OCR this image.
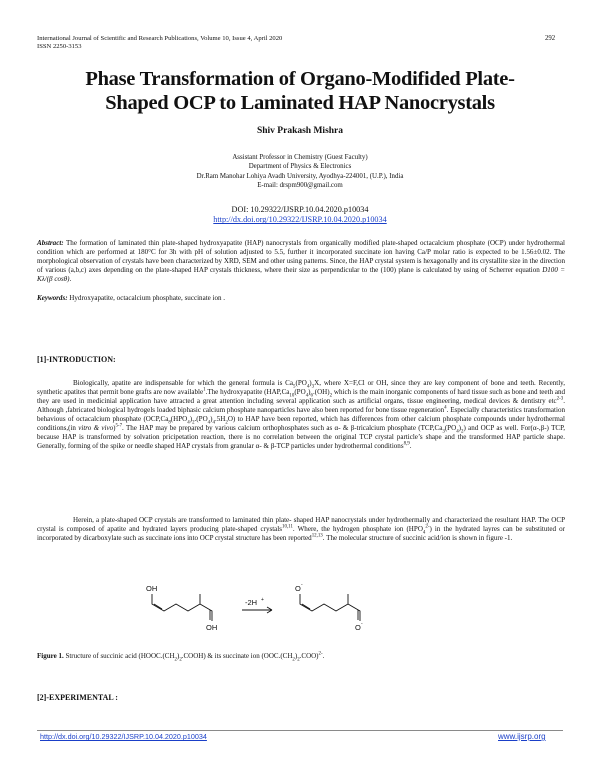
International Journal of Scientific and Research Publications, Volume 10, Issue 4, April 2020
ISSN 2250-3153
292
Phase Transformation of Organo-Modifided Plate-
Shaped OCP to Laminated HAP Nanocrystals
Shiv Prakash Mishra
Assistant Professor in Chemistry (Guest Faculty)
Department of Physics & Electronics
Dr.Ram Manohar Lohiya Avadh University, Ayodhya-224001, (U.P.), India
E-mail: drspm900@gmail.com
DOI: 10.29322/IJSRP.10.04.2020.p10034
http://dx.doi.org/10.29322/IJSRP.10.04.2020.p10034
Abstract: The formation of laminated thin plate-shaped hydroxyapatite (HAP) nanocrystals from organically modified plate-shaped octacalcium phosphate (OCP) under hydrothermal condition which are performed at 180°C for 3h with pH of solution adjusted to 5.5, further it incorporated succinate ion having Ca/P molar ratio is expected to be 1.56±0.02. The morphological observation of crystals have been characterized by XRD, SEM and other using patterns. Since, the HAP crystal system is hexagonally and its crystallite size in the direction of various (a,b,c) axes depending on the plate-shaped HAP crystals thickness, where their size as perpendicular to the (100) plane is calculated by using of Scherrer equation D100 = Kλ/(β cosθ).
Keywords: Hydroxyapatite, octacalcium phosphate, succinate ion .
[1]-INTRODUCTION:
Biologically, apatite are indispensable for which the general formula is $Ca_5(PO_4)_3X$, where X=F,Cl or OH, since they are key component of bone and teeth. Recently, synthetic apatites that permit bone grafts are now available$^1$.The hydroxyapatite ($HAP,Ca_{10}(PO_4)_6.(OH)_2$ which is the main inorganic components of hard tissue such as bone and teeth and they are used in medicinial application have attracted a great attention including several application such as artificial organs, tissue engineering, medical devices & dentistry etc$^{2-3}$. Although ,fabricated biological hydrogels loaded biphasic calcium phosphate nanoparticles have also been reported for bone tissue regeneration$^4$. Especially characteristics transformation behavious of octacalcium phosphate $(OCP,Ca_8(HPO_4)_2.(PO_4)_4.5H_2O)$ to HAP have been reported, which has differences from other calcium phosphate compounds under hydrothermal conditions,(in vitro & vivo)$^{5-7}$. The HAP may be prepared by various calcium orthophosphates such as α- & β-tricalcium phosphate $(TCP,Ca_3(PO_4)_2)$ and OCP as well. For(α-,β-) TCP, because HAP is transformed by solvation pricipetation reaction, there is no correlation between the original TCP crystal particle’s shape and the transformed HAP particle shape. Generally, forming of the spike or needle shaped HAP crystals from granular α- & β-TCP particles under hydrothermal conditions$^{8,9}$.
Herein, a plate-shaped OCP crystals are transformed to laminated thin plate- shaped HAP nanocrystals under hydrothermally and characterized the resultant HAP. The OCP crystal is composed of apatite and hydrated layers producing plate-shaped crystals$^{10,11}$. Where, the hydrogen phosphate ion $(HPO_4^{2-})$ in the hydrated layres can be substituted or incorporated by dicarboxylate such as succinate ions into OCP crystal structure has been reported$^{12,13}$. The molecular structure of succinic acid/ion is shown in figure -1.
OH
OH
-2H +
O -
O -
Figure 1. Structure of succinic acid $(HOOC.(CH_2)_2.COOH)$ & its succinate ion $(OOC.(CH_2)_2.COO)^{2-}$.
[2]-EXPERIMENTAL :
http://dx.doi.org/10.29322/IJSRP.10.04.2020.p10034	www.ijsrp.org
